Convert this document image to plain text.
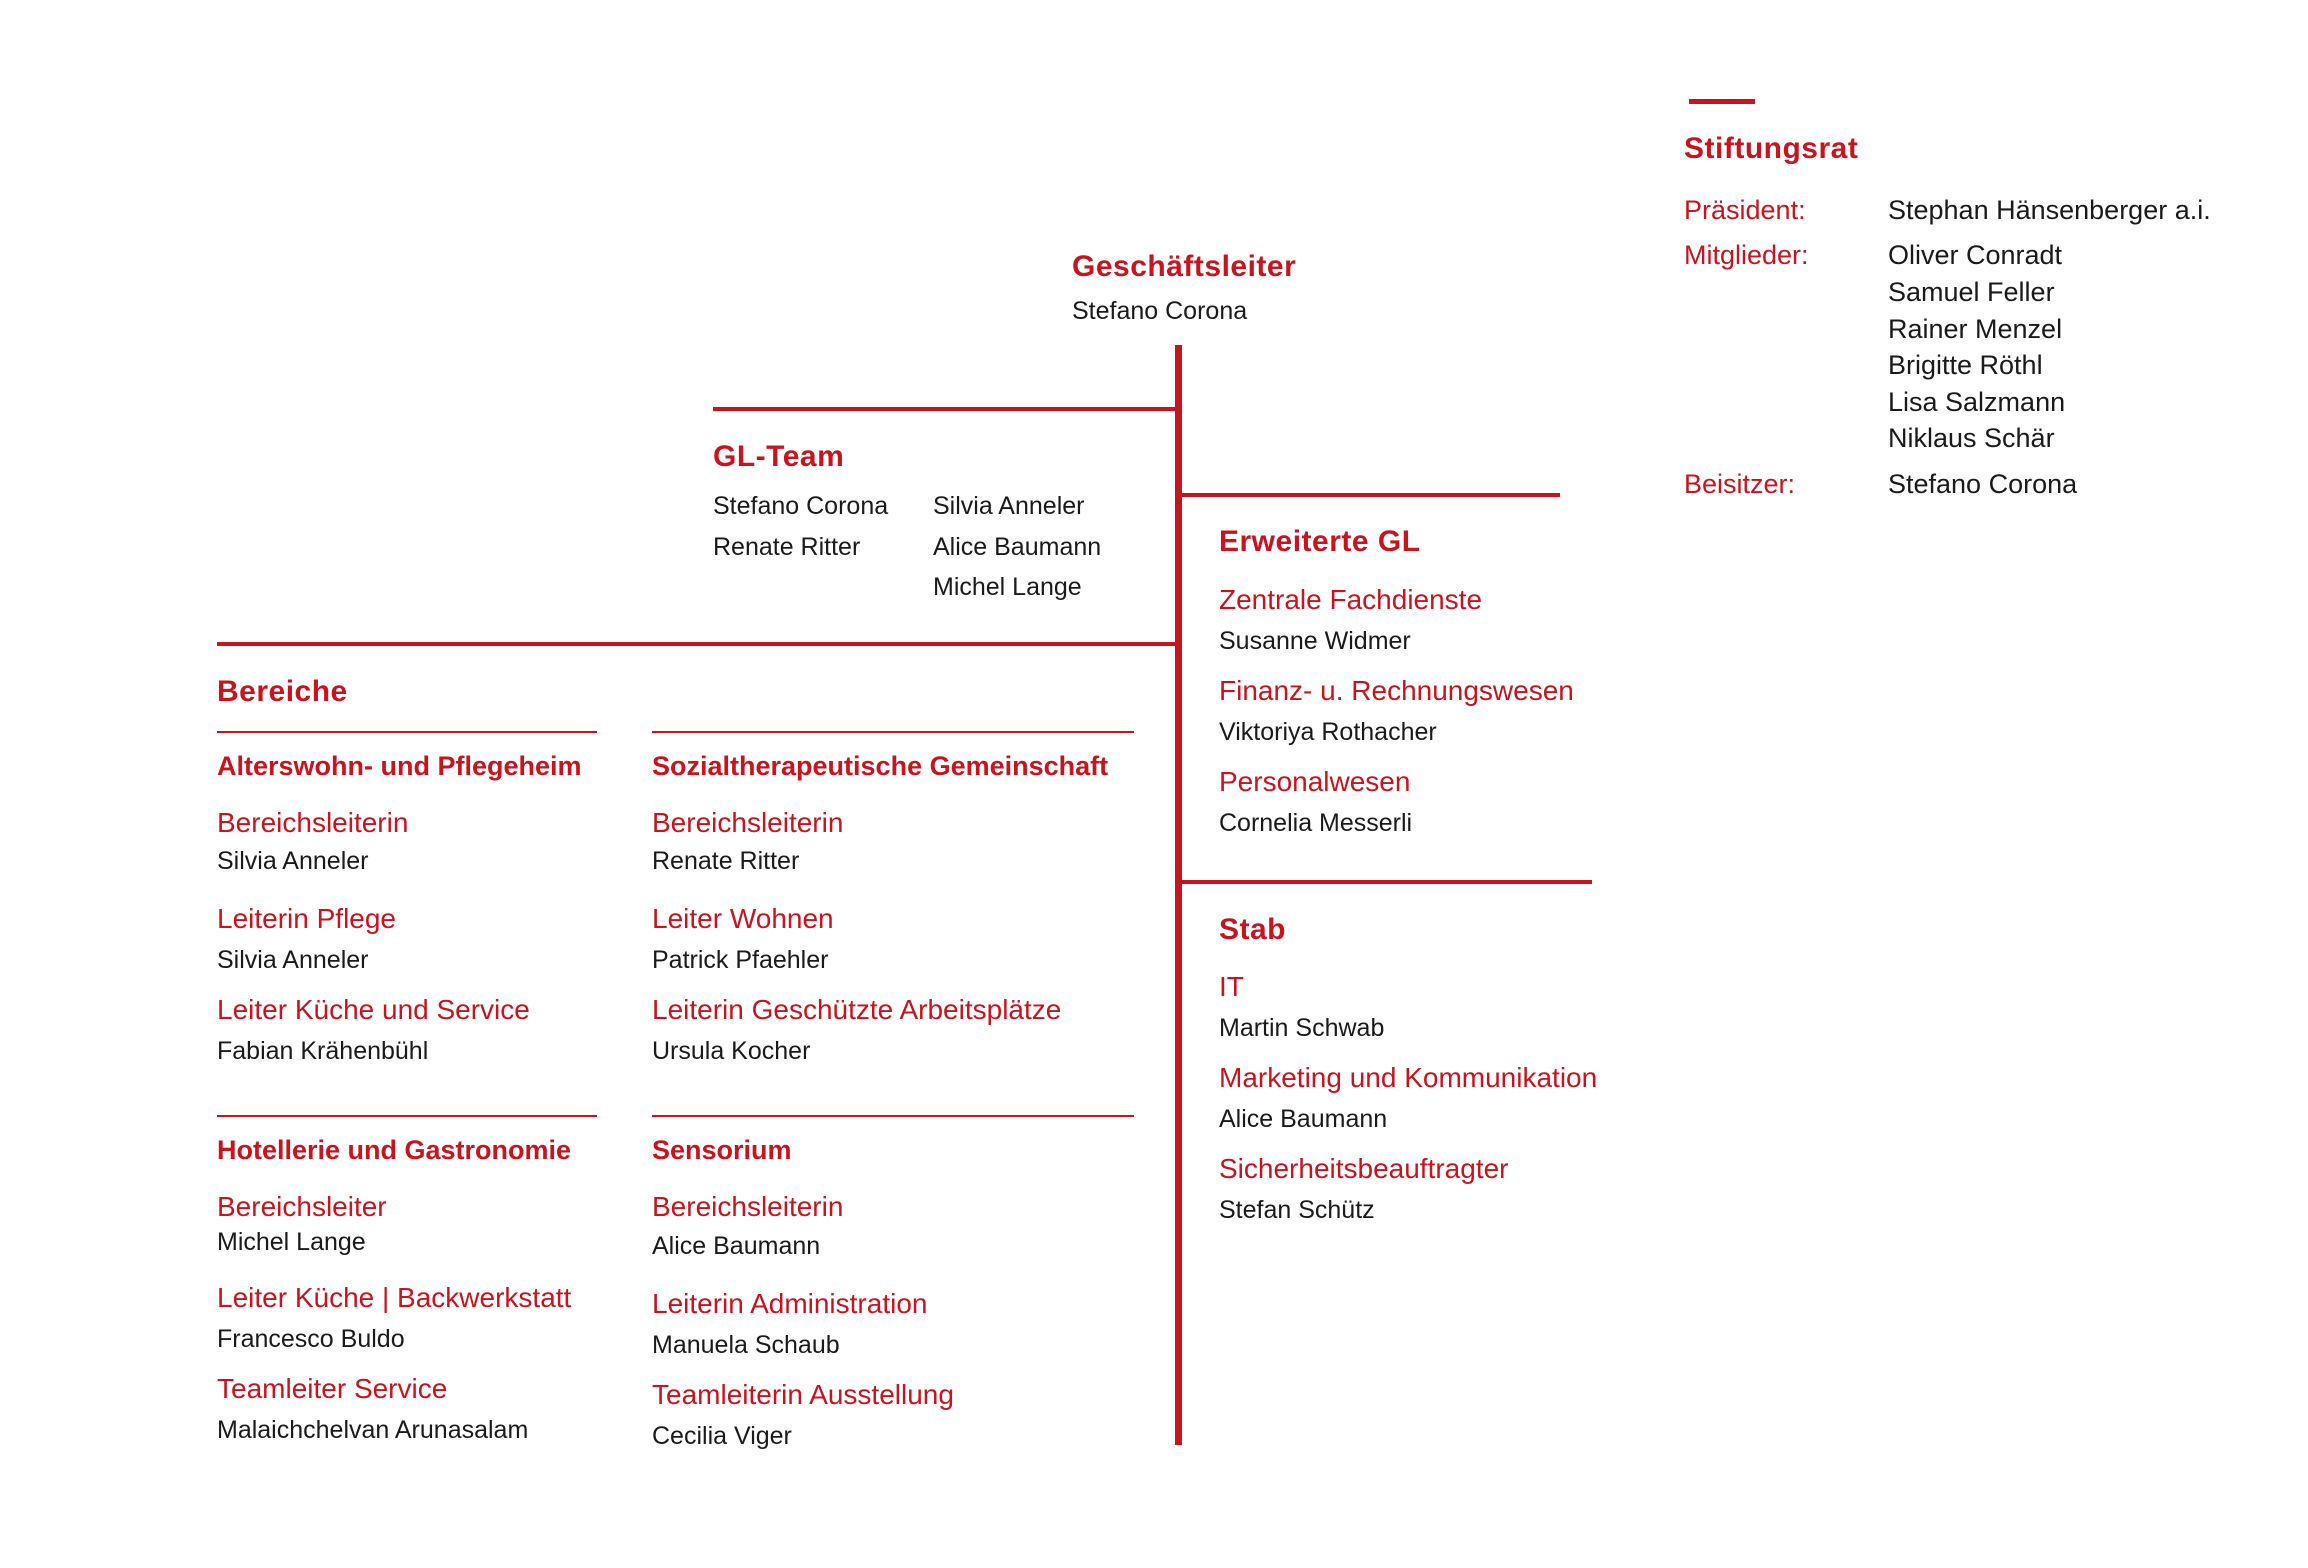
Stiftungsrat
Präsident:	Stephan Hänsenberger a.i.
Mitglieder:	Oliver Conradt
Samuel Feller
Rainer Menzel
Brigitte Röthl
Lisa Salzmann
Niklaus Schär
Beisitzer:	Stefano Corona
Geschäftsleiter
Stefano Corona
GL-Team
Stefano Corona
Renate Ritter
Silvia Anneler
Alice Baumann
Michel Lange
Erweiterte GL
Zentrale Fachdienste
Susanne Widmer
Finanz- u. Rechnungswesen
Viktoriya Rothacher
Personalwesen
Cornelia Messerli
Stab
IT
Martin Schwab
Marketing und Kommunikation
Alice Baumann
Sicherheitsbeauftragter
Stefan Schütz
Bereiche
Alterswohn- und Pflegeheim
Bereichsleiterin
Silvia Anneler
Leiterin Pflege
Silvia Anneler
Leiter Küche und Service
Fabian Krähenbühl
Sozialtherapeutische Gemeinschaft
Bereichsleiterin
Renate Ritter
Leiter Wohnen
Patrick Pfaehler
Leiterin Geschützte Arbeitsplätze
Ursula Kocher
Hotellerie und Gastronomie
Bereichsleiter
Michel Lange
Leiter Küche | Backwerkstatt
Francesco Buldo
Teamleiter Service
Malaichchelvan Arunasalam
Sensorium
Bereichsleiterin
Alice Baumann
Leiterin Administration
Manuela Schaub
Teamleiterin Ausstellung
Cecilia Viger
